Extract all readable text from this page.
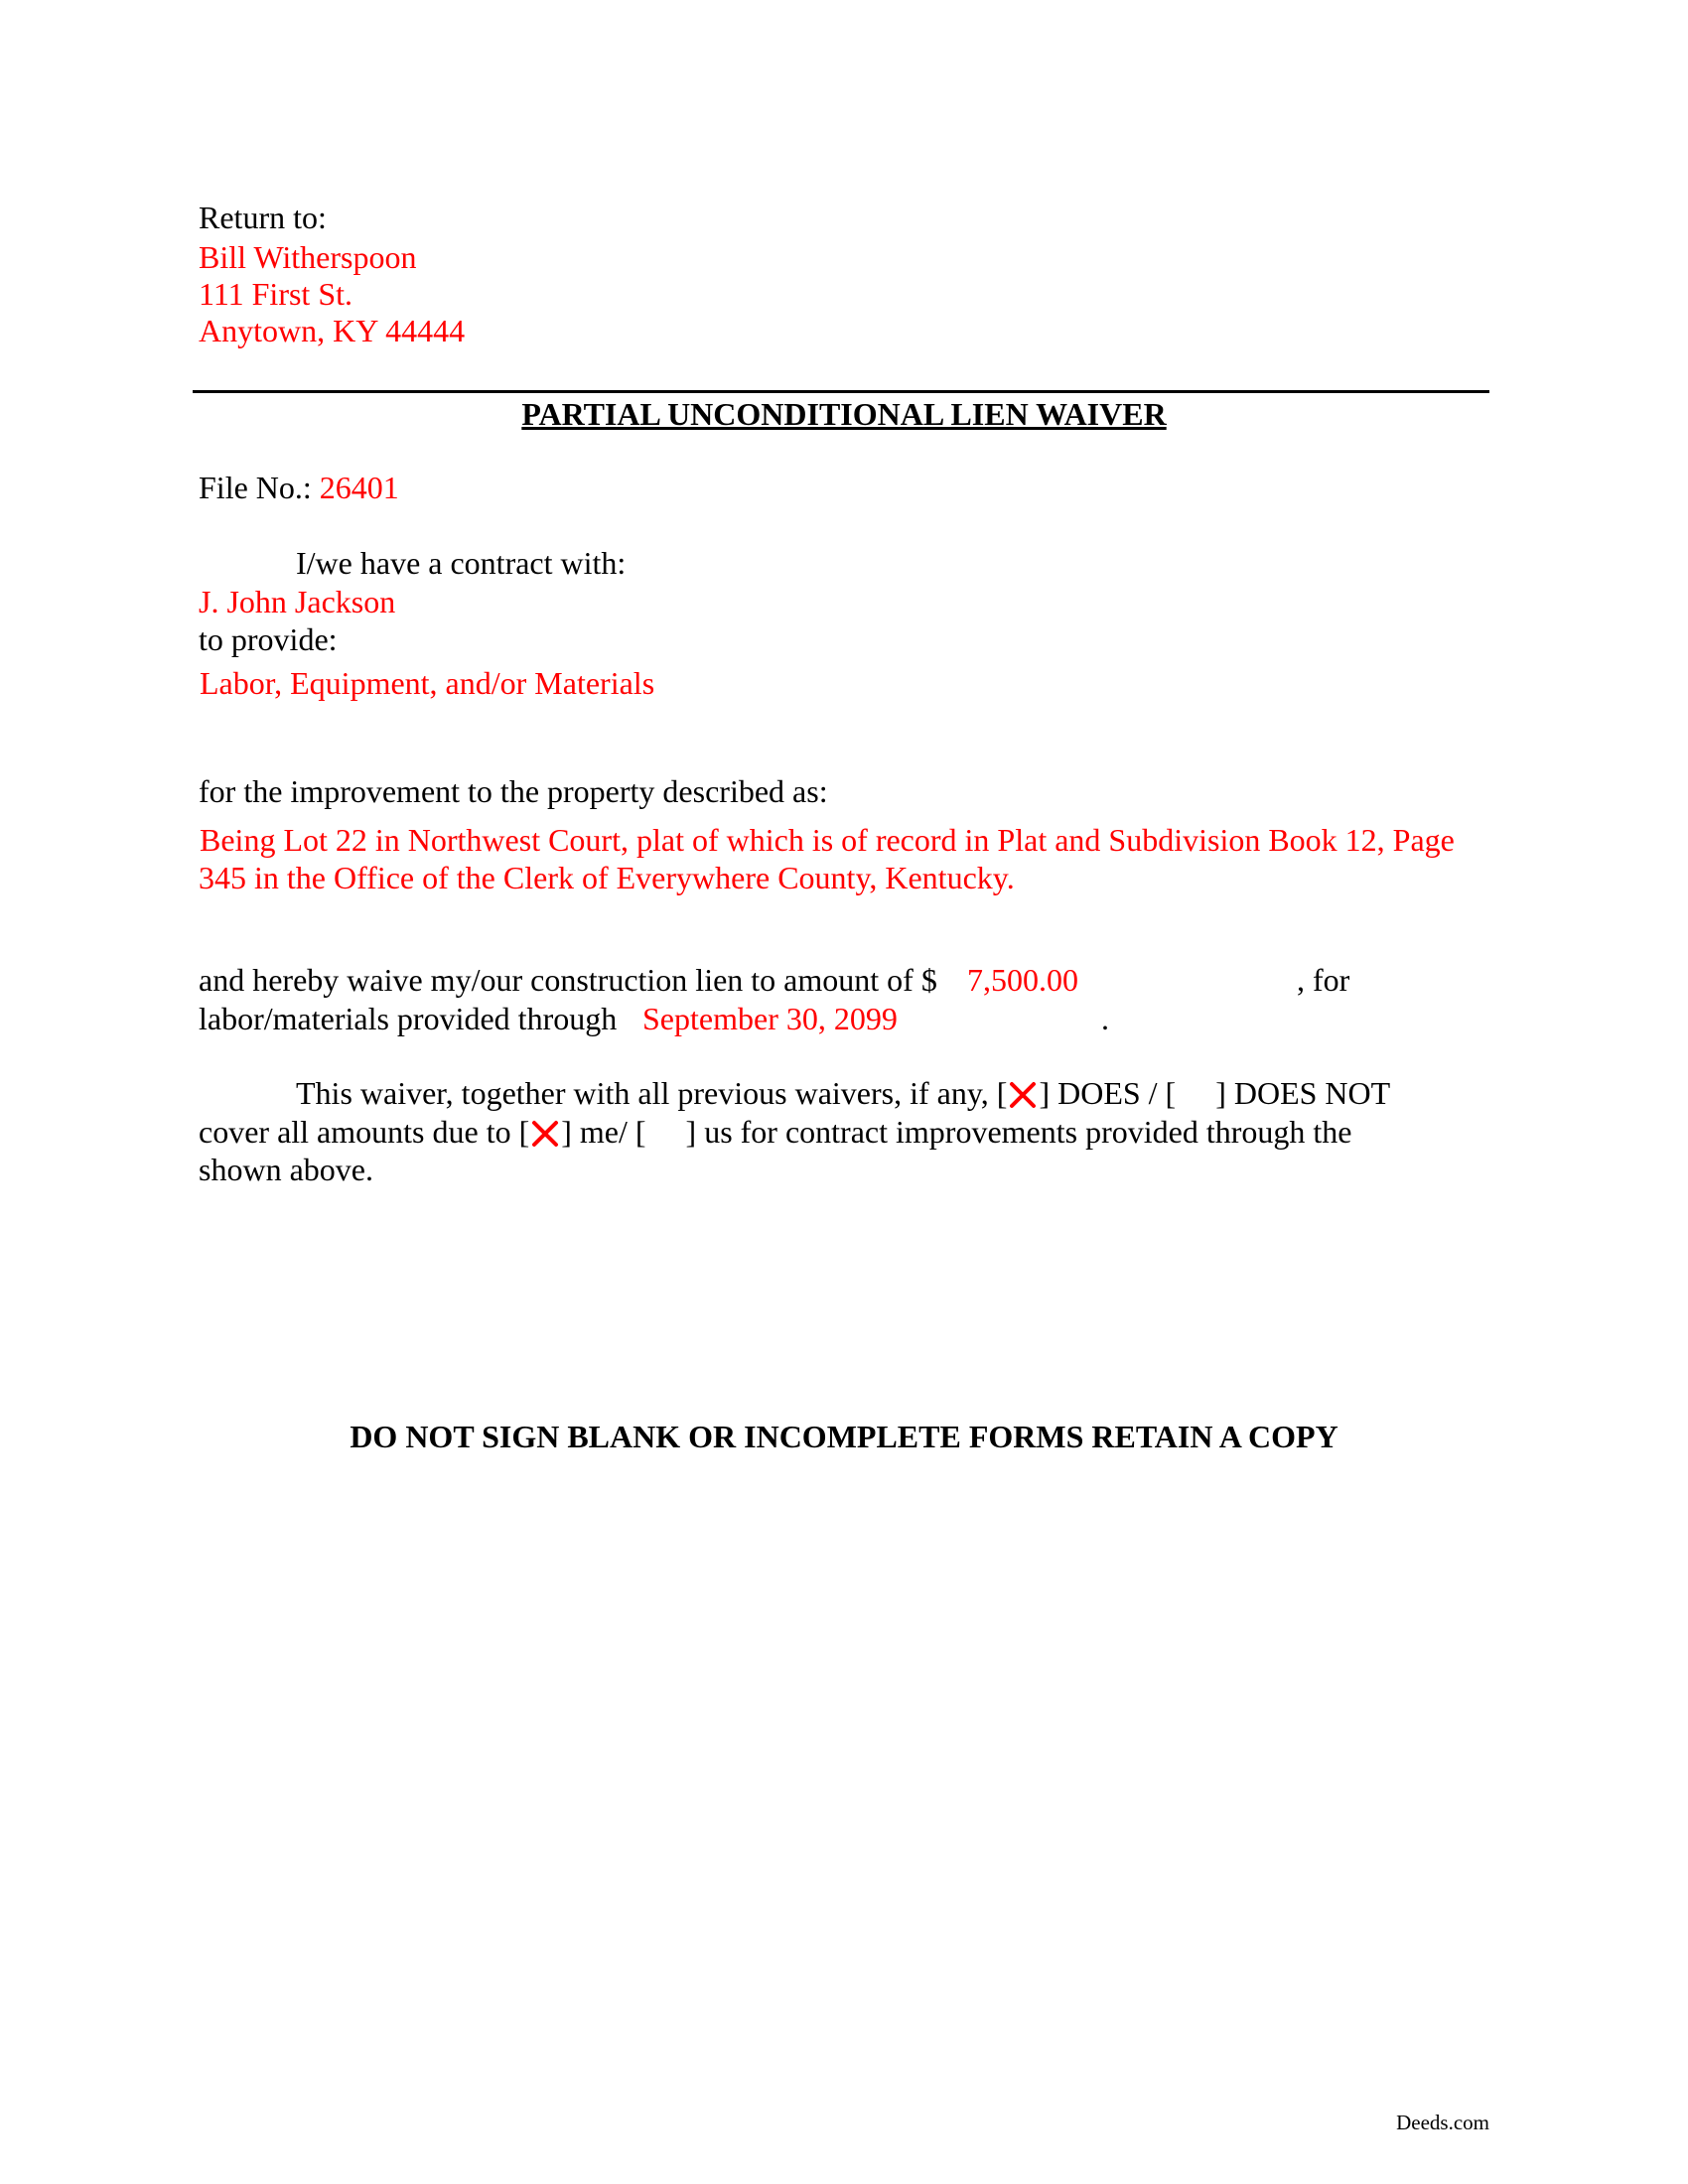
Return to:
Bill Witherspoon
111 First St.
Anytown, KY 44444
PARTIAL UNCONDITIONAL LIEN WAIVER
File No.: 26401
I/we have a contract with:
J. John Jackson
to provide:
Labor, Equipment, and/or Materials
for the improvement to the property described as:
Being Lot 22 in Northwest Court, plat of which is of record in Plat and Subdivision Book 12, Page
345 in the Office of the Clerk of Everywhere County, Kentucky.
and hereby waive my/our construction lien to amount of $ 7,500.00	, for
labor/materials provided through September 30, 2099	.
This waiver, together with all previous waivers, if any, [ ] DOES / [ ] DOES NOT
cover all amounts due to [ ] me/ [ ] us for contract improvements provided through the
shown above.
DO NOT SIGN BLANK OR INCOMPLETE FORMS RETAIN A COPY
Deeds.com
